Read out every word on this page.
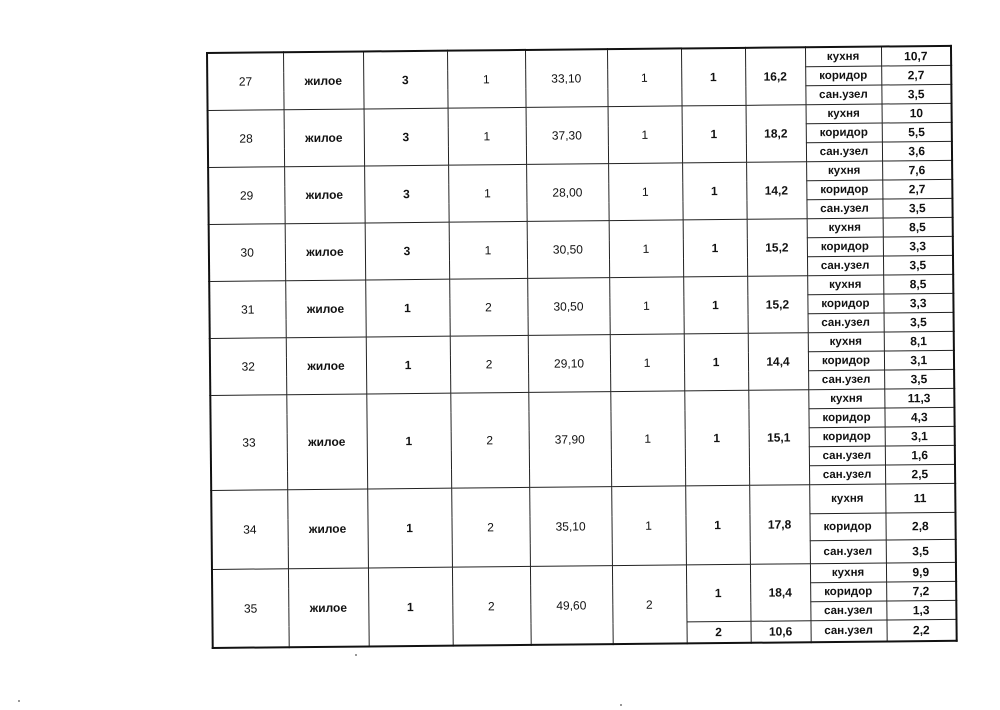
27	жилое	3	1	33,10	1	1	16,2	кухня	10,7
								коридор	2,7
								сан.узел	3,5
28	жилое	3	1	37,30	1	1	18,2	кухня	10
								коридор	5,5
								сан.узел	3,6
29	жилое	3	1	28,00	1	1	14,2	кухня	7,6
								коридор	2,7
								сан.узел	3,5
30	жилое	3	1	30,50	1	1	15,2	кухня	8,5
								коридор	3,3
								сан.узел	3,5
31	жилое	1	2	30,50	1	1	15,2	кухня	8,5
								коридор	3,3
								сан.узел	3,5
32	жилое	1	2	29,10	1	1	14,4	кухня	8,1
								коридор	3,1
								сан.узел	3,5
33	жилое	1	2	37,90	1	1	15,1	кухня	11,3
								коридор	4,3
								коридор	3,1
								сан.узел	1,6
								сан.узел	2,5
34	жилое	1	2	35,10	1	1	17,8	кухня	11
								коридор	2,8
								сан.узел	3,5
35	жилое	1	2	49,60	2	1	18,4	кухня	9,9
								коридор	7,2
								сан.узел	1,3
						2	10,6	сан.узел	2,2
